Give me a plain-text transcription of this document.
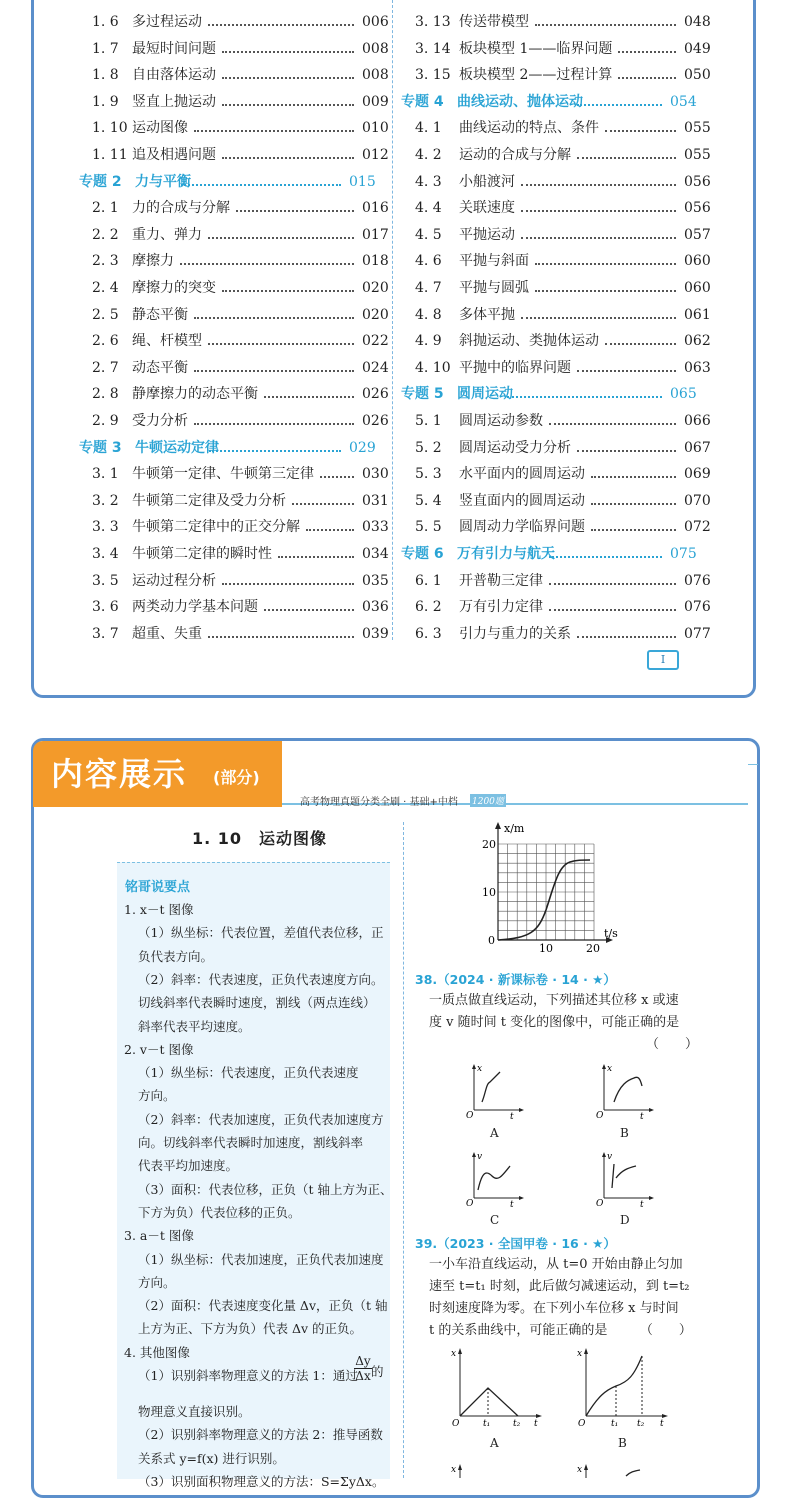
1. 6 多过程运动	006
1. 7 最短时间问题	008
1. 8 自由落体运动	008
1. 9 竖直上抛运动	009
1. 10 运动图像	010
1. 11 追及相遇问题	012
专题 2 力与平衡	015
2. 1 力的合成与分解	016
2. 2 重力、弹力	017
2. 3 摩擦力	018
2. 4 摩擦力的突变	020
2. 5 静态平衡	020
2. 6 绳、杆模型	022
2. 7 动态平衡	024
2. 8 静摩擦力的动态平衡	026
2. 9 受力分析	026
专题 3 牛顿运动定律	029
3. 1 牛顿第一定律、牛顿第三定律	030
3. 2 牛顿第二定律及受力分析	031
3. 3 牛顿第二定律中的正交分解	033
3. 4 牛顿第二定律的瞬时性	034
3. 5 运动过程分析	035
3. 6 两类动力学基本问题	036
3. 7 超重、失重	039
3. 13 传送带模型	048
3. 14 板块模型 1——临界问题	049
3. 15 板块模型 2——过程计算	050
专题 4 曲线运动、抛体运动	054
4. 1 曲线运动的特点、条件	055
4. 2 运动的合成与分解	055
4. 3 小船渡河	056
4. 4 关联速度	056
4. 5 平抛运动	057
4. 6 平抛与斜面	060
4. 7 平抛与圆弧	060
4. 8 多体平抛	061
4. 9 斜抛运动、类抛体运动	062
4. 10 平抛中的临界问题	063
专题 5 圆周运动	065
5. 1 圆周运动参数	066
5. 2 圆周运动受力分析	067
5. 3 水平面内的圆周运动	069
5. 4 竖直面内的圆周运动	070
5. 5 圆周动力学临界问题	072
专题 6 万有引力与航天	075
6. 1 开普勒三定律	076
6. 2 万有引力定律	076
6. 3 引力与重力的关系	077
I
内容展示 (部分)
高考物理真题分类全刷 · 基础+中档 1200题
1. 10　运动图像
铭哥说要点
1. x－t 图像
（1）纵坐标：代表位置，差值代表位移，正
负代表方向。
（2）斜率：代表速度，正负代表速度方向。
切线斜率代表瞬时速度，割线（两点连线）
斜率代表平均速度。
2. v－t 图像
（1）纵坐标：代表速度，正负代表速度
方向。
（2）斜率：代表加速度，正负代表加速度方
向。切线斜率代表瞬时加速度，割线斜率
代表平均加速度。
（3）面积：代表位移，正负（t 轴上方为正、
下方为负）代表位移的正负。
3. a－t 图像
（1）纵坐标：代表加速度，正负代表加速度
方向。
（2）面积：代表速度变化量 Δv，正负（t 轴
上方为正、下方为负）代表 Δv 的正负。
4. 其他图像
（1）识别斜率物理意义的方法 1：通过
物理意义直接识别。
（2）识别斜率物理意义的方法 2：推导函数
关系式 y=f(x) 进行识别。
（3）识别面积物理意义的方法：S=ΣyΔx。
$\frac{\Delta y}{\Delta x}$ 的
x/m
t/s
0
10
20
10	20
38.（2024 · 新课标卷 · 14 · ★）
一质点做直线运动，下列描述其位移 x 或速
度 v 随时间 t 变化的图像中，可能正确的是
（　　）
x
O	t
A
x
O	t
B
v
O	t
C
v
O	t
D
39.（2023 · 全国甲卷 · 16 · ★）
一小车沿直线运动，从 t=0 开始由静止匀加
速至 t=t₁ 时刻，此后做匀减速运动，到 t=t₂
时刻速度降为零。在下列小车位移 x 与时间
t 的关系曲线中，可能正确的是　　　（　　）
x
O	t₁	t₂ t
A
x
O	t₁ t₂ t
B
x	x
